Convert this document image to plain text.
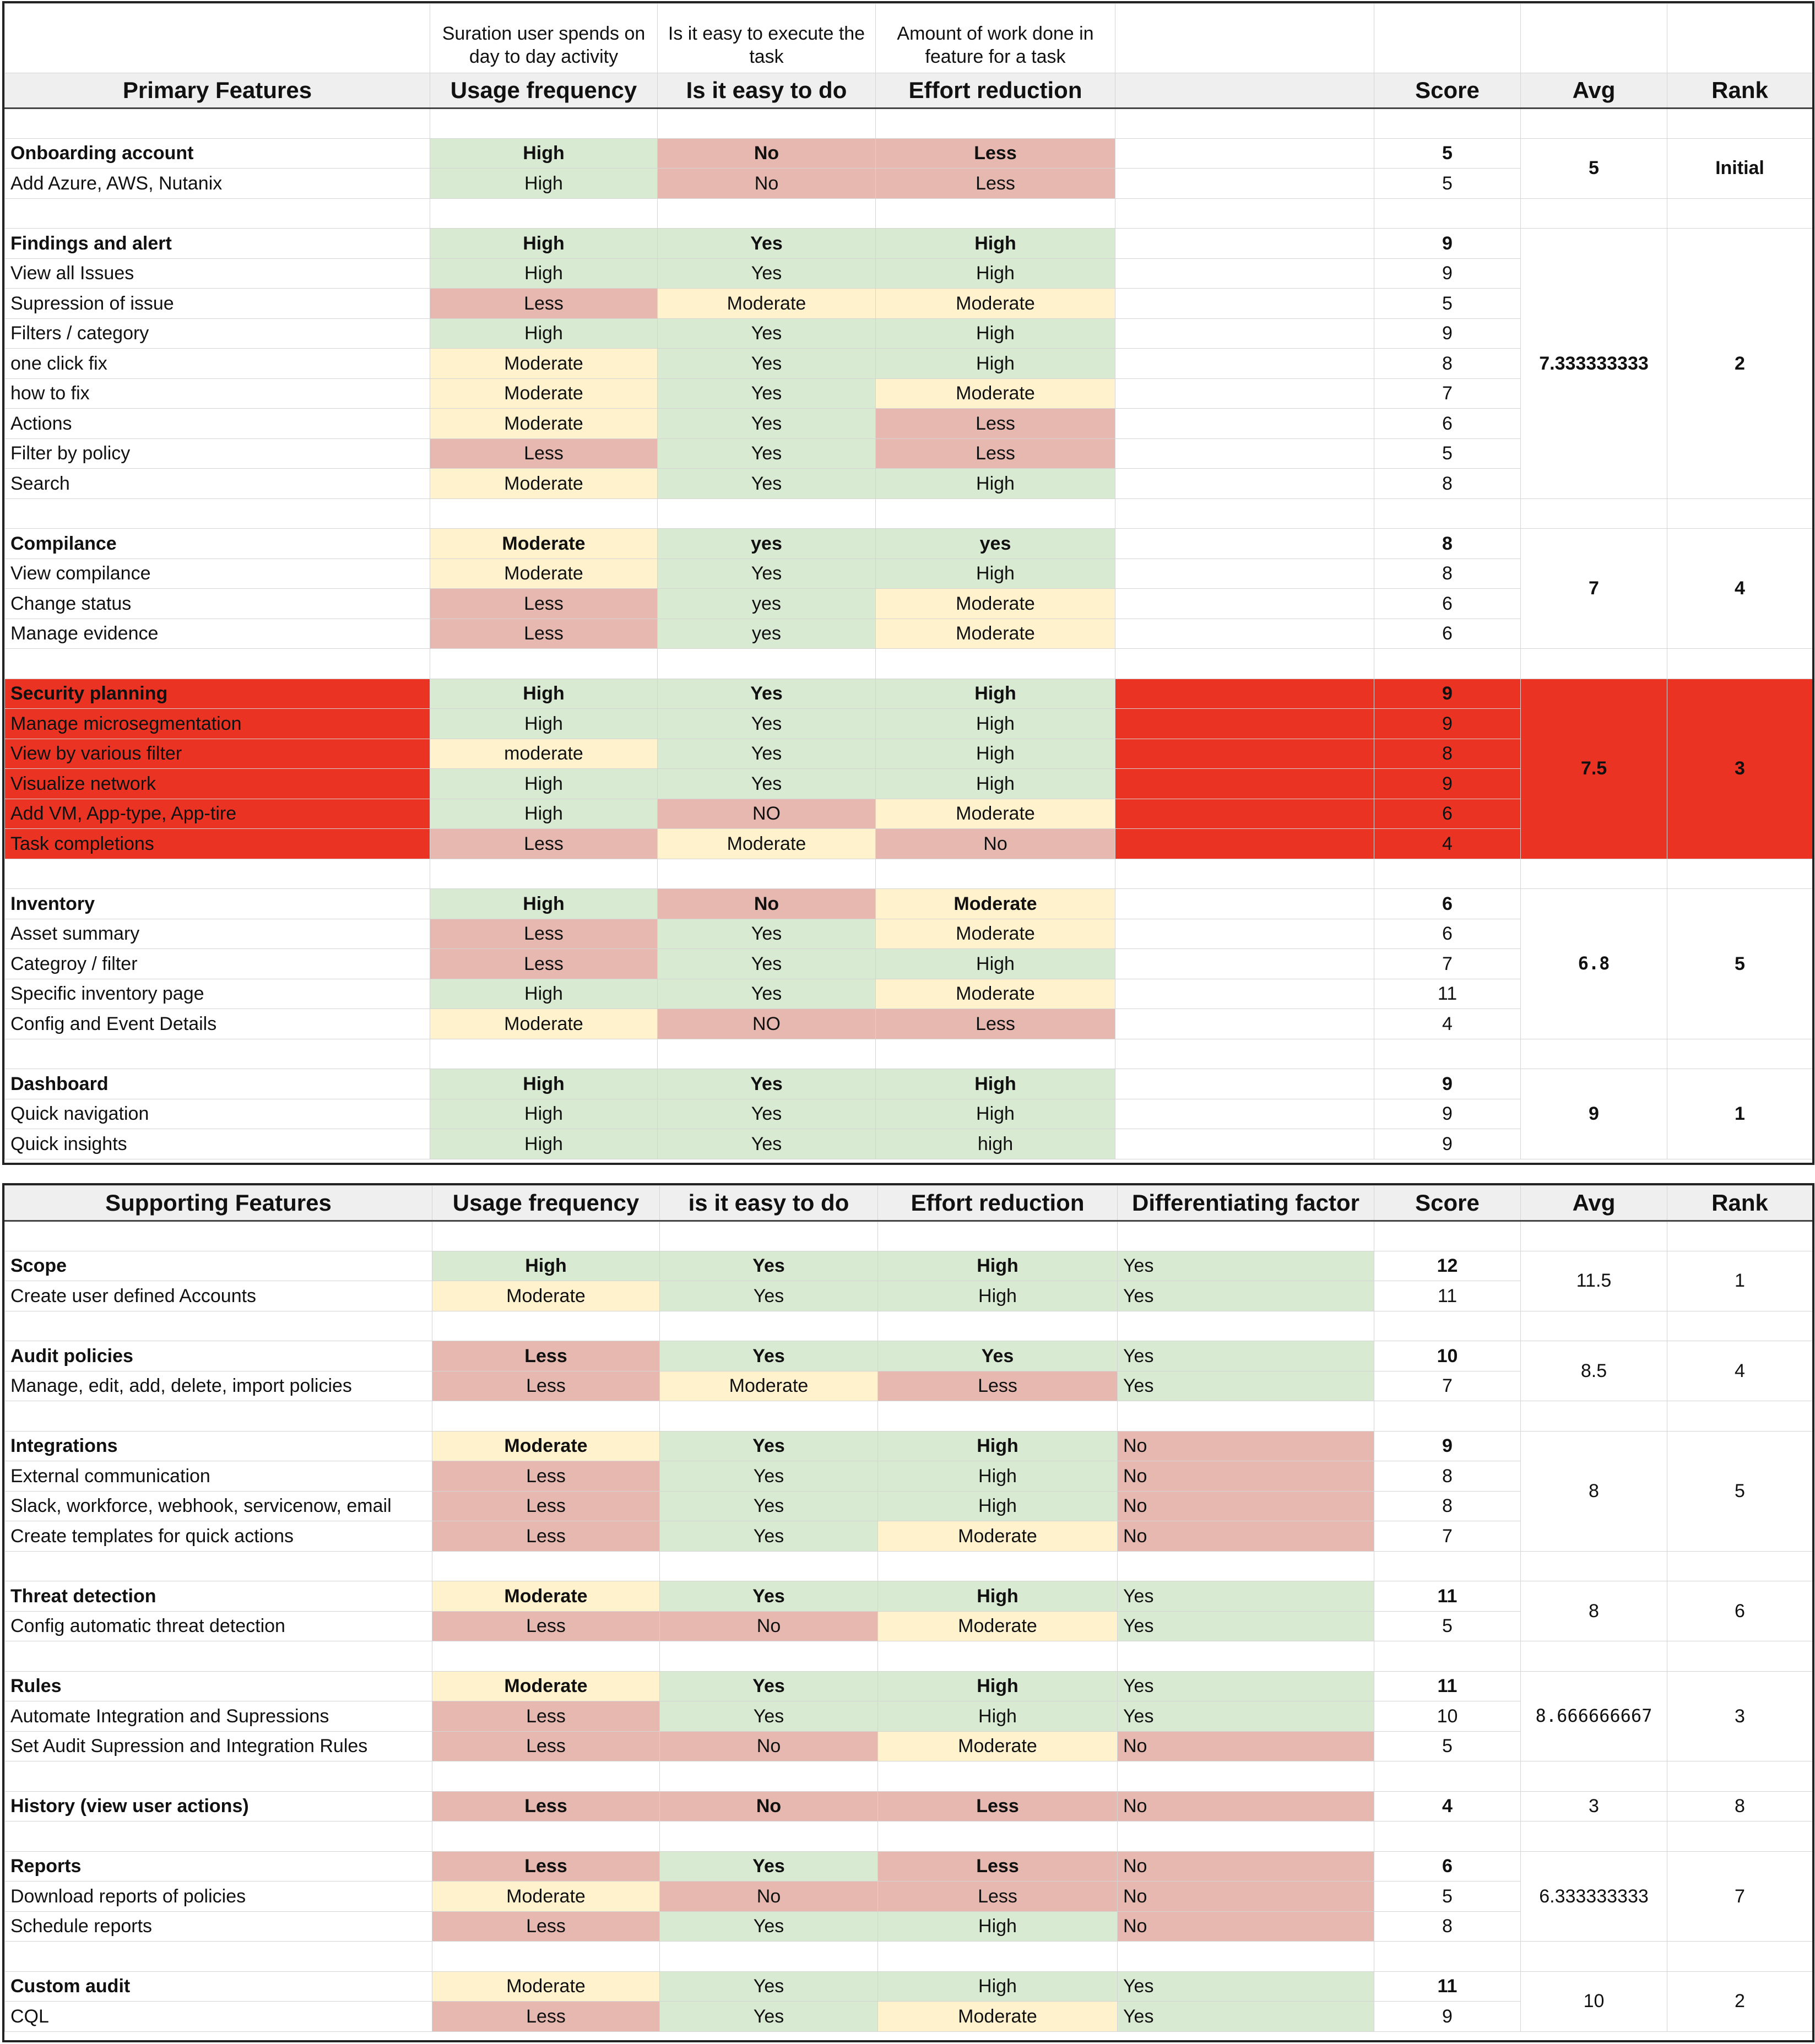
	Suration user spends on day to day activity	Is it easy to execute the task	Amount of work done in feature for a task				
Primary Features	Usage frequency	Is it easy to do	Effort reduction		Score	Avg	Rank

Onboarding account	High	No	Less		5	5	Initial
Add Azure, AWS, Nutanix	High	No	Less		5		

Findings and alert	High	Yes	High		9	7.333333333	2
View all Issues	High	Yes	High		9		
Supression of issue	Less	Moderate	Moderate		5		
Filters / category	High	Yes	High		9		
one click fix	Moderate	Yes	High		8		
how to fix	Moderate	Yes	Moderate		7		
Actions	Moderate	Yes	Less		6		
Filter by policy	Less	Yes	Less		5		
Search	Moderate	Yes	High		8		

Compilance	Moderate	yes	yes		8	7	4
View compilance	Moderate	Yes	High		8		
Change status	Less	yes	Moderate		6		
Manage evidence	Less	yes	Moderate		6		

Security planning	High	Yes	High		9	7.5	3
Manage microsegmentation	High	Yes	High		9		
View by various filter	moderate	Yes	High		8		
Visualize network	High	Yes	High		9		
Add VM, App-type, App-tire	High	NO	Moderate		6		
Task completions	Less	Moderate	No		4		

Inventory	High	No	Moderate		6	6.8	5
Asset summary	Less	Yes	Moderate		6		
Categroy / filter	Less	Yes	High		7		
Specific inventory page	High	Yes	Moderate		11		
Config and Event Details	Moderate	NO	Less		4		

Dashboard	High	Yes	High		9	9	1
Quick navigation	High	Yes	High		9		
Quick insights	High	Yes	high		9		
Supporting Features	Usage frequency	is it easy to do	Effort reduction	Differentiating factor	Score	Avg	Rank

Scope	High	Yes	High	Yes	12	11.5	1
Create user defined Accounts	Moderate	Yes	High	Yes	11		

Audit policies	Less	Yes	Yes	Yes	10	8.5	4
Manage, edit, add, delete, import policies	Less	Moderate	Less	Yes	7		

Integrations	Moderate	Yes	High	No	9	8	5
External communication	Less	Yes	High	No	8		
Slack, workforce, webhook, servicenow, email	Less	Yes	High	No	8		
Create templates for quick actions	Less	Yes	Moderate	No	7		

Threat detection	Moderate	Yes	High	Yes	11	8	6
Config automatic threat detection	Less	No	Moderate	Yes	5		

Rules	Moderate	Yes	High	Yes	11	8.666666667	3
Automate Integration and Supressions	Less	Yes	High	Yes	10		
Set Audit Supression and Integration Rules	Less	No	Moderate	No	5		

History (view user actions)	Less	No	Less	No	4	3	8

Reports	Less	Yes	Less	No	6	6.333333333	7
Download reports of policies	Moderate	No	Less	No	5		
Schedule reports	Less	Yes	High	No	8		

Custom audit	Moderate	Yes	High	Yes	11	10	2
CQL	Less	Yes	Moderate	Yes	9		
